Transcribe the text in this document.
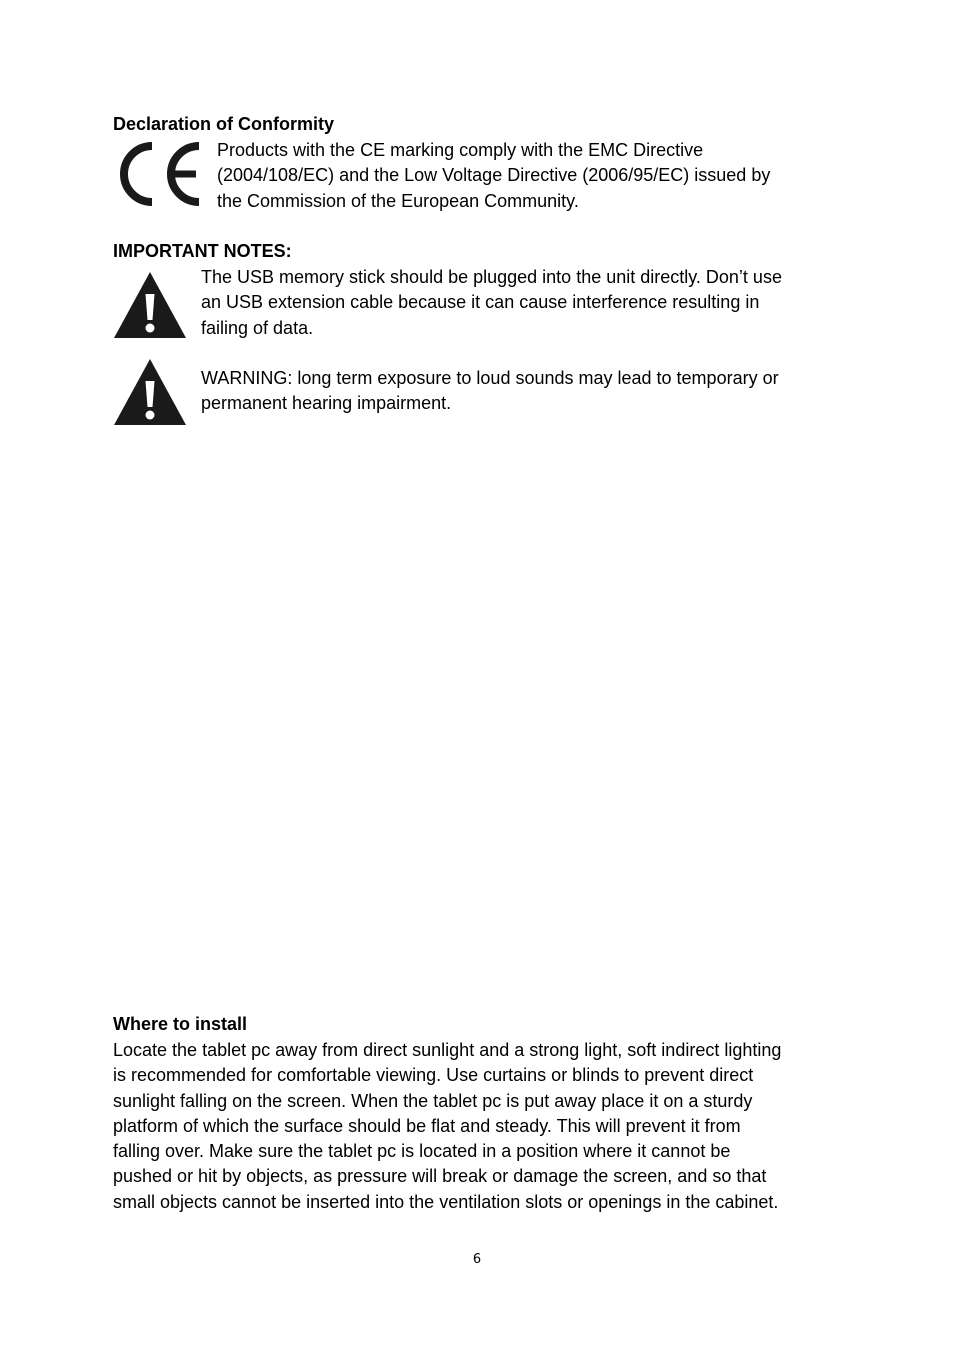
Declaration of Conformity
Products with the CE marking comply with the EMC Directive
(2004/108/EC) and the Low Voltage Directive (2006/95/EC) issued by
the Commission of the European Community.
IMPORTANT NOTES:
The USB memory stick should be plugged into the unit directly. Don’t use
an USB extension cable because it can cause interference resulting in
failing of data.
WARNING: long term exposure to loud sounds may lead to temporary or
permanent hearing impairment.
Where to install
Locate the tablet pc away from direct sunlight and a strong light, soft indirect lighting
is recommended for comfortable viewing. Use curtains or blinds to prevent direct
sunlight falling on the screen. When the tablet pc is put away place it on a sturdy
platform of which the surface should be flat and steady. This will prevent it from
falling over. Make sure the tablet pc is located in a position where it cannot be
pushed or hit by objects, as pressure will break or damage the screen, and so that
small objects cannot be inserted into the ventilation slots or openings in the cabinet.
6
